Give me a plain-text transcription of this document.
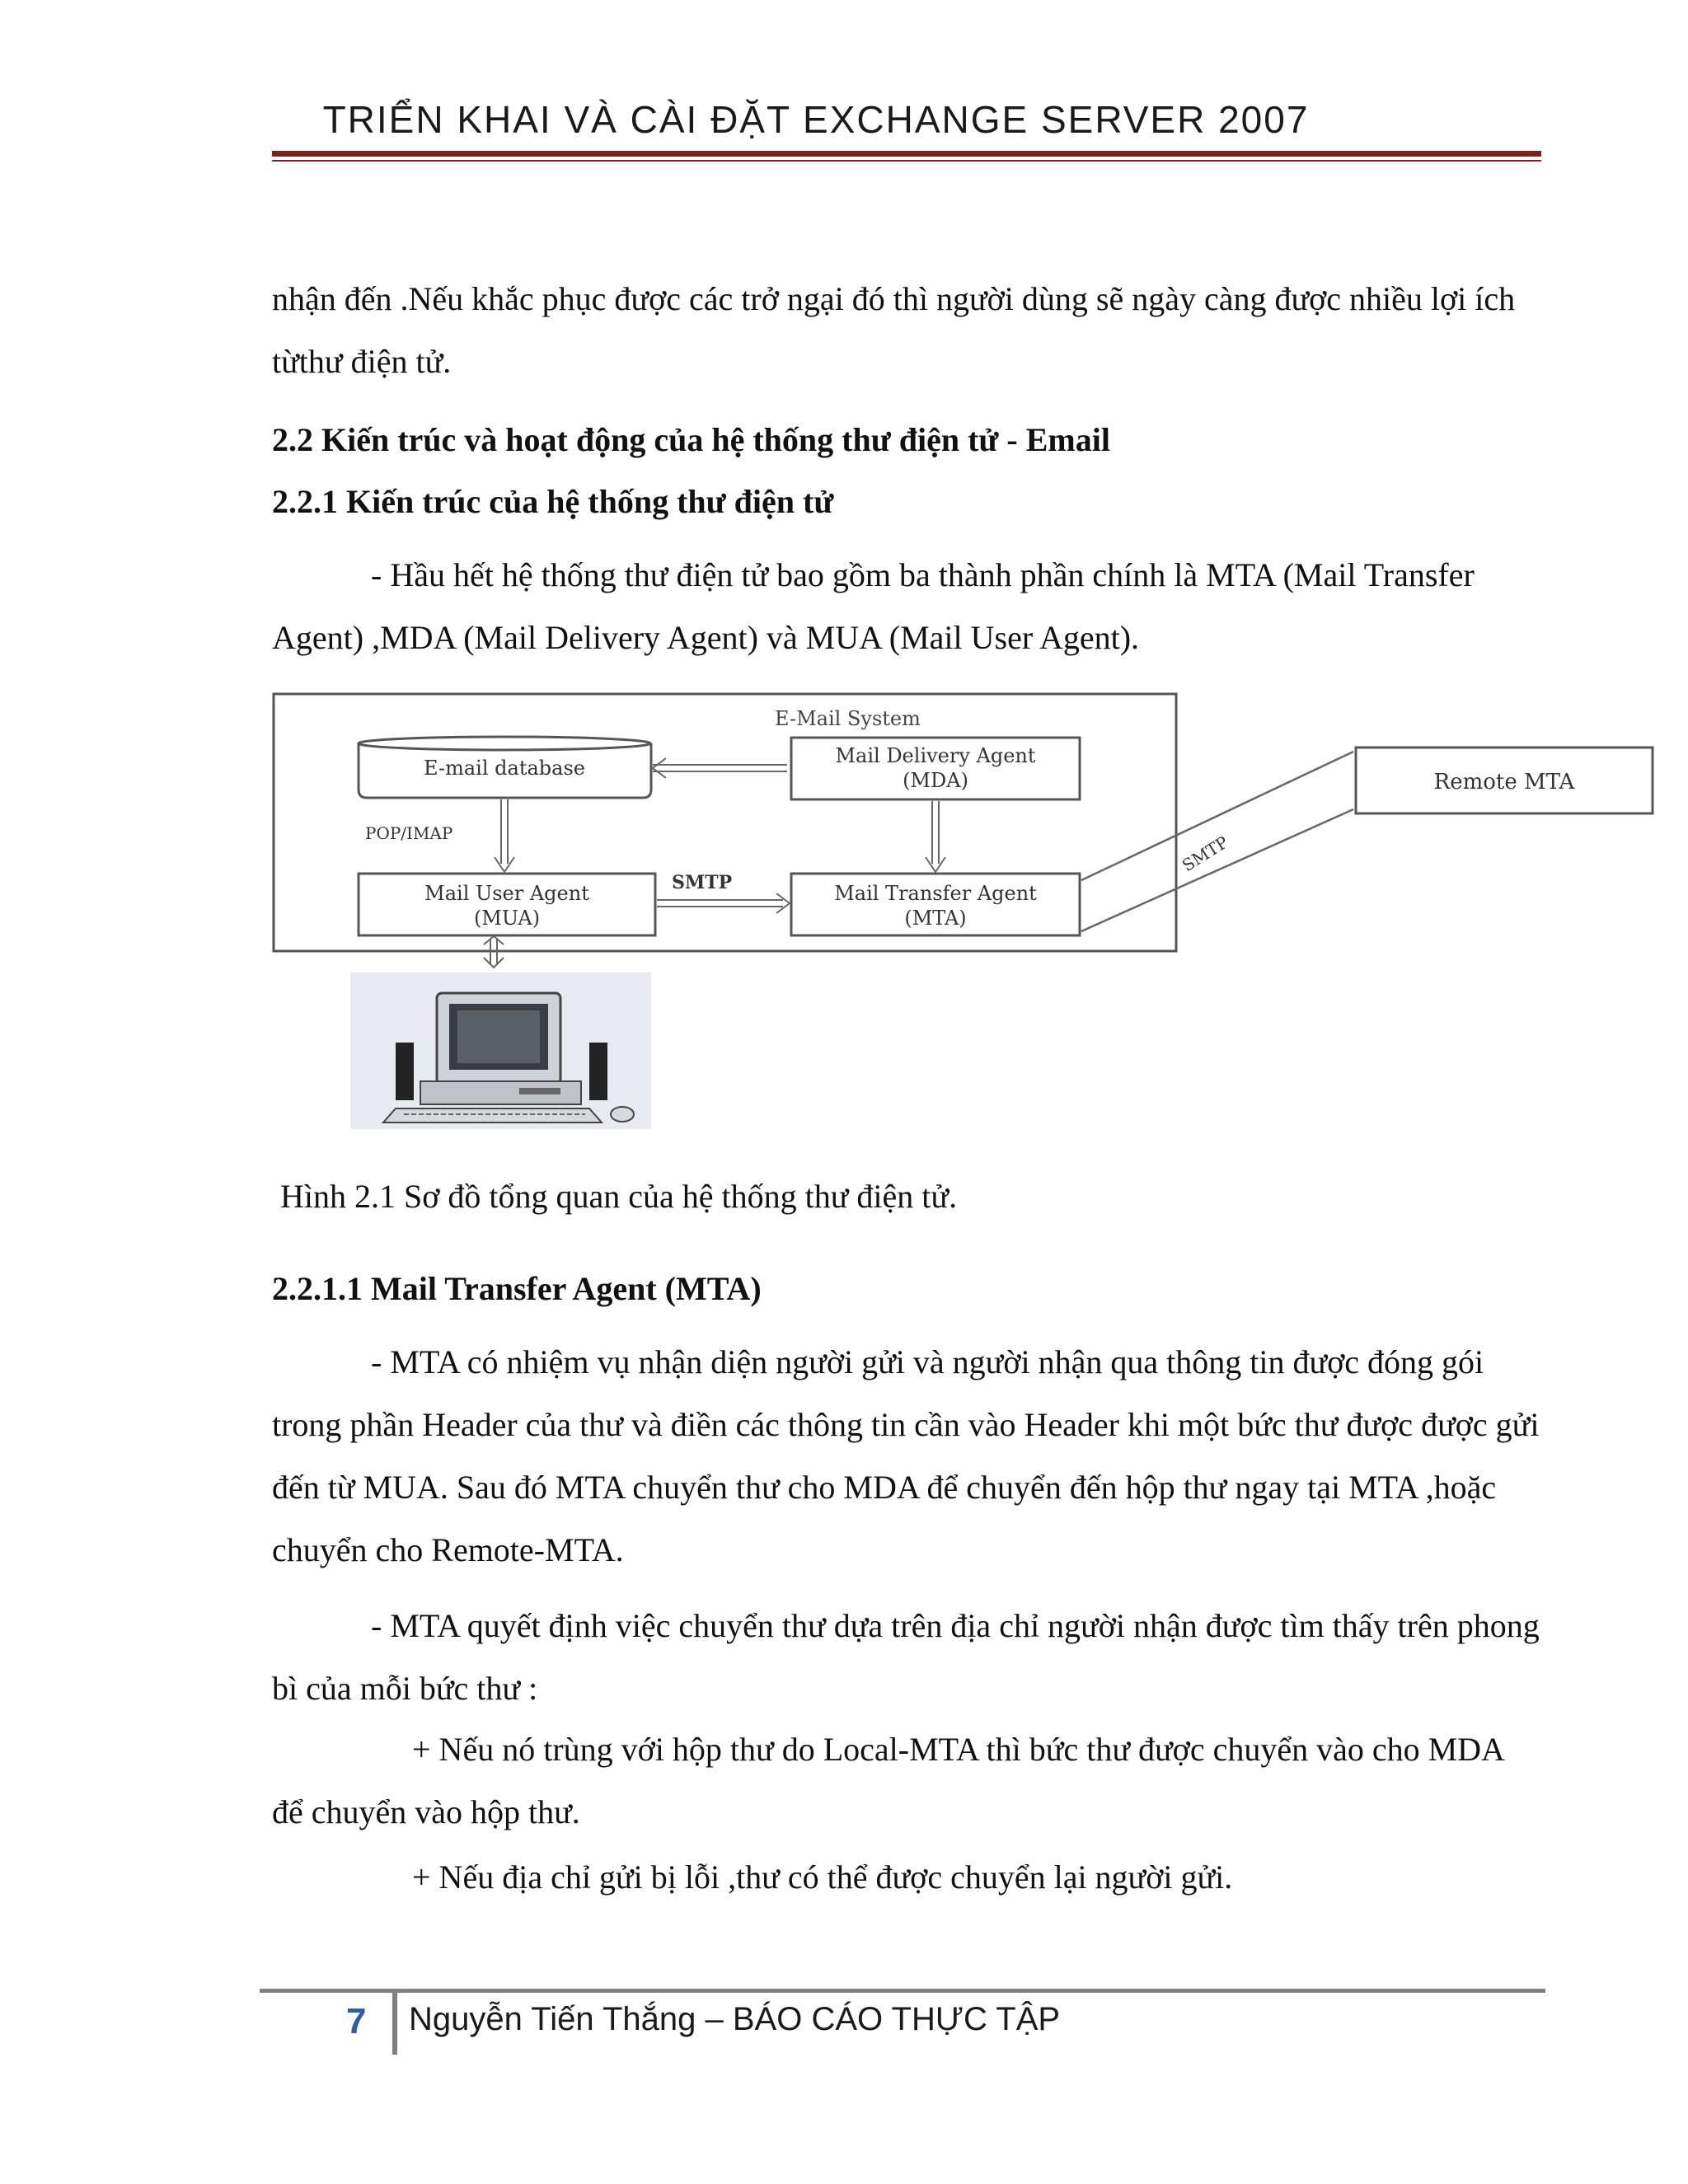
TRIỂN KHAI VÀ CÀI ĐẶT EXCHANGE SERVER 2007

nhận đến .Nếu khắc phục được các trở ngại đó thì người dùng sẽ ngày càng được nhiều lợi ích từthư điện tử.

2.2 Kiến trúc và hoạt động của hệ thống thư điện tử - Email

2.2.1 Kiến trúc của hệ thống thư điện tử

- Hầu hết hệ thống thư điện tử bao gồm ba thành phần chính là MTA (Mail Transfer Agent) ,MDA (Mail Delivery Agent) và MUA (Mail User Agent).

E-Mail System
E-mail database
Mail Delivery Agent
(MDA)
Mail User Agent
(MUA)
Mail Transfer Agent
(MTA)
Remote MTA
POP/IMAP
SMTP
SMTP

Hình 2.1 Sơ đồ tổng quan của hệ thống thư điện tử.

2.2.1.1 Mail Transfer Agent (MTA)

- MTA có nhiệm vụ nhận diện người gửi và người nhận qua thông tin được đóng gói trong phần Header của thư và điền các thông tin cần vào Header khi một bức thư được được gửi đến từ MUA. Sau đó MTA chuyển thư cho MDA để chuyển đến hộp thư ngay tại MTA ,hoặc chuyển cho Remote-MTA.

- MTA quyết định việc chuyển thư dựa trên địa chỉ người nhận được tìm thấy trên phong bì của mỗi bức thư :

+ Nếu nó trùng với hộp thư do Local-MTA thì bức thư được chuyển vào cho MDA để chuyển vào hộp thư.

+ Nếu địa chỉ gửi bị lỗi ,thư có thể được chuyển lại người gửi.

7 Nguyễn Tiến Thắng – BÁO CÁO THỰC TẬP
